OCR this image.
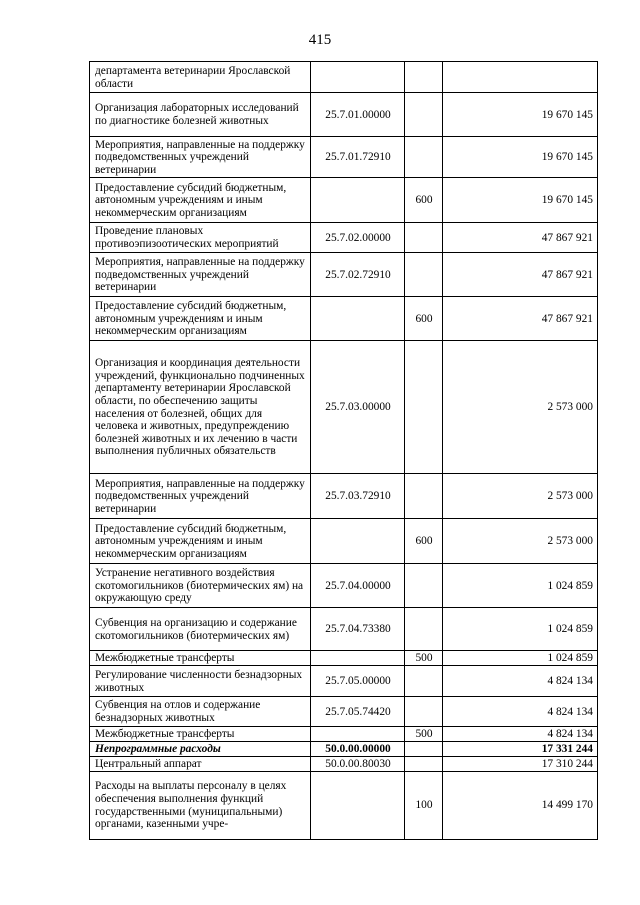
415
департамента ветеринарии Ярославской области			
Организация лабораторных исследований по диагностике болезней животных	25.7.01.00000		19 670 145
Мероприятия, направленные на поддержку подведомственных учреждений ветеринарии	25.7.01.72910		19 670 145
Предоставление субсидий бюджетным, автономным учреждениям и иным некоммерческим организациям		600	19 670 145
Проведение плановых противоэпизоотических мероприятий	25.7.02.00000		47 867 921
Мероприятия, направленные на поддержку подведомственных учреждений ветеринарии	25.7.02.72910		47 867 921
Предоставление субсидий бюджетным, автономным учреждениям и иным некоммерческим организациям		600	47 867 921
Организация и координация деятельности учреждений, функционально подчиненных департаменту ветеринарии Ярославской области, по обеспечению защиты населения от болезней, общих для человека и животных, предупреждению болезней животных и их лечению в части выполнения публичных обязательств	25.7.03.00000		2 573 000
Мероприятия, направленные на поддержку подведомственных учреждений ветеринарии	25.7.03.72910		2 573 000
Предоставление субсидий бюджетным, автономным учреждениям и иным некоммерческим организациям		600	2 573 000
Устранение негативного воздействия скотомогильников (биотермических ям) на окружающую среду	25.7.04.00000		1 024 859
Субвенция на организацию и содержание скотомогильников (биотермических ям)	25.7.04.73380		1 024 859
Межбюджетные трансферты		500	1 024 859
Регулирование численности безнадзорных животных	25.7.05.00000		4 824 134
Субвенция на отлов и содержание безнадзорных животных	25.7.05.74420		4 824 134
Межбюджетные трансферты		500	4 824 134
Непрограммные расходы	50.0.00.00000		17 331 244
Центральный аппарат	50.0.00.80030		17 310 244
Расходы на выплаты персоналу в целях обеспечения выполнения функций государственными (муниципальными) органами, казенными учре-		100	14 499 170
